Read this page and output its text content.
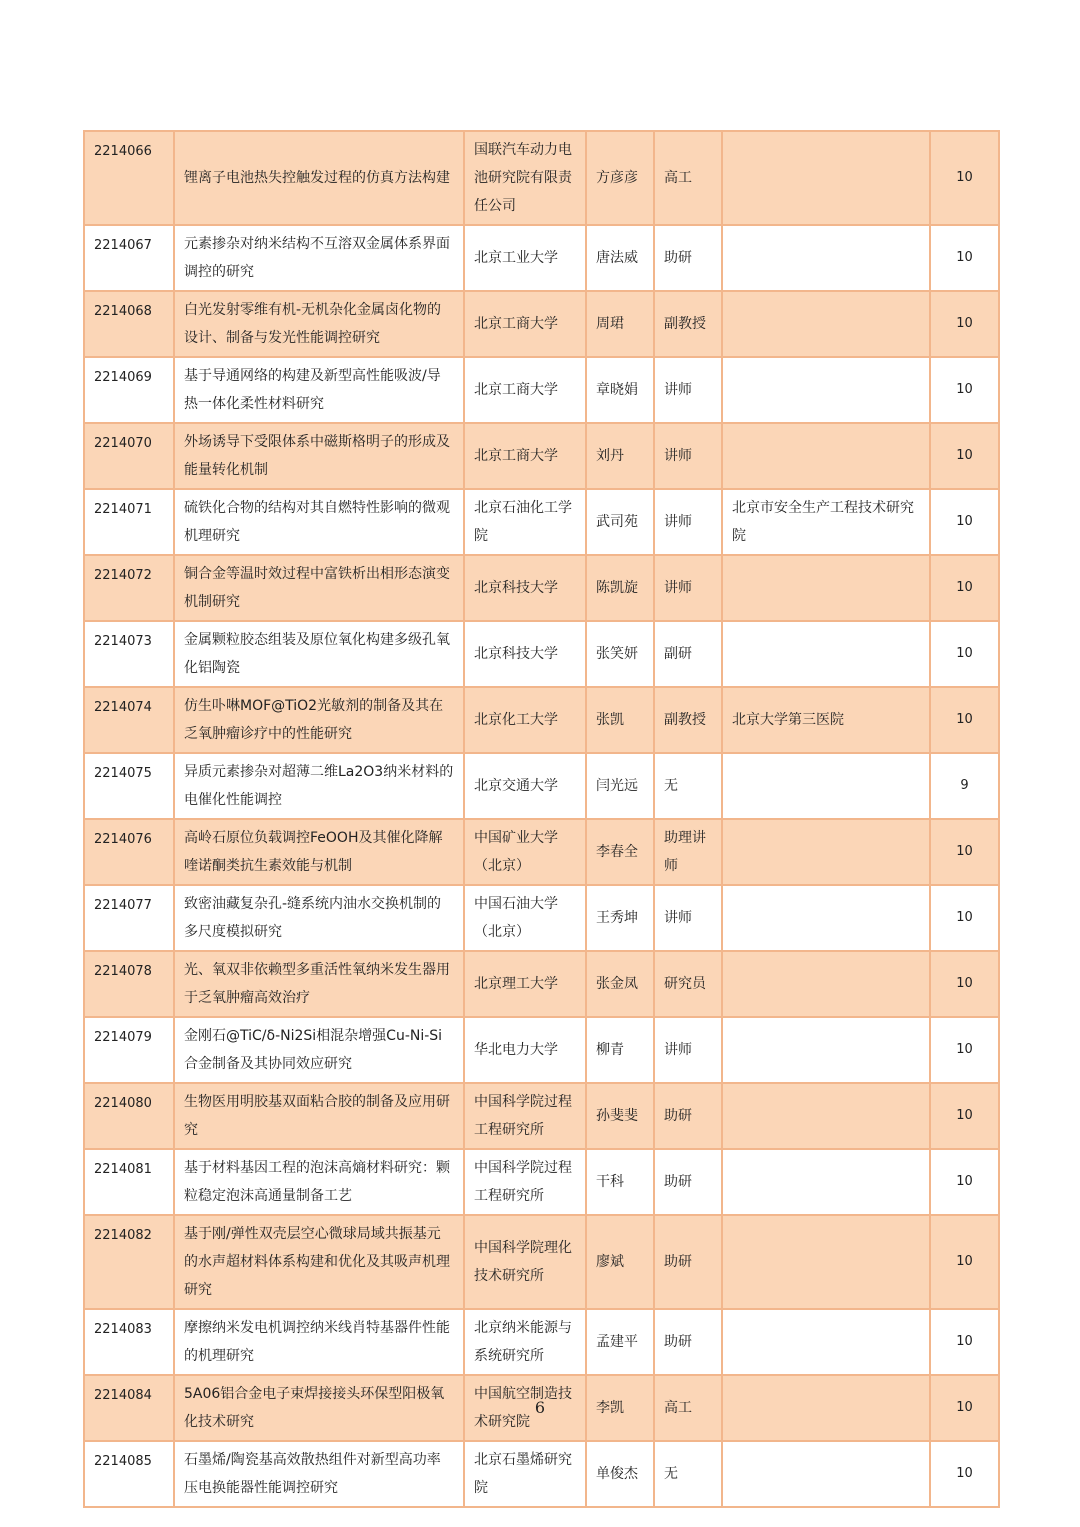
2214066	锂离子电池热失控触发过程的仿真方法构建	国联汽车动力电池研究院有限责任公司	方彦彦	高工		10
2214067	元素掺杂对纳米结构不互溶双金属体系界面调控的研究	北京工业大学	唐法威	助研		10
2214068	白光发射零维有机-无机杂化金属卤化物的设计、制备与发光性能调控研究	北京工商大学	周珺	副教授		10
2214069	基于导通网络的构建及新型高性能吸波/导热一体化柔性材料研究	北京工商大学	章晓娟	讲师		10
2214070	外场诱导下受限体系中磁斯格明子的形成及能量转化机制	北京工商大学	刘丹	讲师		10
2214071	硫铁化合物的结构对其自燃特性影响的微观机理研究	北京石油化工学院	武司苑	讲师	北京市安全生产工程技术研究院	10
2214072	铜合金等温时效过程中富铁析出相形态演变机制研究	北京科技大学	陈凯旋	讲师		10
2214073	金属颗粒胶态组装及原位氧化构建多级孔氧化铝陶瓷	北京科技大学	张笑妍	副研		10
2214074	仿生卟啉MOF@TiO2光敏剂的制备及其在乏氧肿瘤诊疗中的性能研究	北京化工大学	张凯	副教授	北京大学第三医院	10
2214075	异质元素掺杂对超薄二维La2O3纳米材料的电催化性能调控	北京交通大学	闫光远	无		9
2214076	高岭石原位负载调控FeOOH及其催化降解喹诺酮类抗生素效能与机制	中国矿业大学（北京）	李春全	助理讲师		10
2214077	致密油藏复杂孔-缝系统内油水交换机制的多尺度模拟研究	中国石油大学（北京）	王秀坤	讲师		10
2214078	光、氧双非依赖型多重活性氧纳米发生器用于乏氧肿瘤高效治疗	北京理工大学	张金凤	研究员		10
2214079	金刚石@TiC/δ-Ni2Si相混杂增强Cu-Ni-Si合金制备及其协同效应研究	华北电力大学	柳青	讲师		10
2214080	生物医用明胶基双面粘合胶的制备及应用研究	中国科学院过程工程研究所	孙斐斐	助研		10
2214081	基于材料基因工程的泡沫高熵材料研究：颗粒稳定泡沫高通量制备工艺	中国科学院过程工程研究所	干科	助研		10
2214082	基于刚/弹性双壳层空心微球局域共振基元的水声超材料体系构建和优化及其吸声机理研究	中国科学院理化技术研究所	廖斌	助研		10
2214083	摩擦纳米发电机调控纳米线肖特基器件性能的机理研究	北京纳米能源与系统研究所	孟建平	助研		10
2214084	5A06铝合金电子束焊接接头环保型阳极氧化技术研究	中国航空制造技术研究院	李凯	高工		10
2214085	石墨烯/陶瓷基高效散热组件对新型高功率压电换能器性能调控研究	北京石墨烯研究院	单俊杰	无		10
6
